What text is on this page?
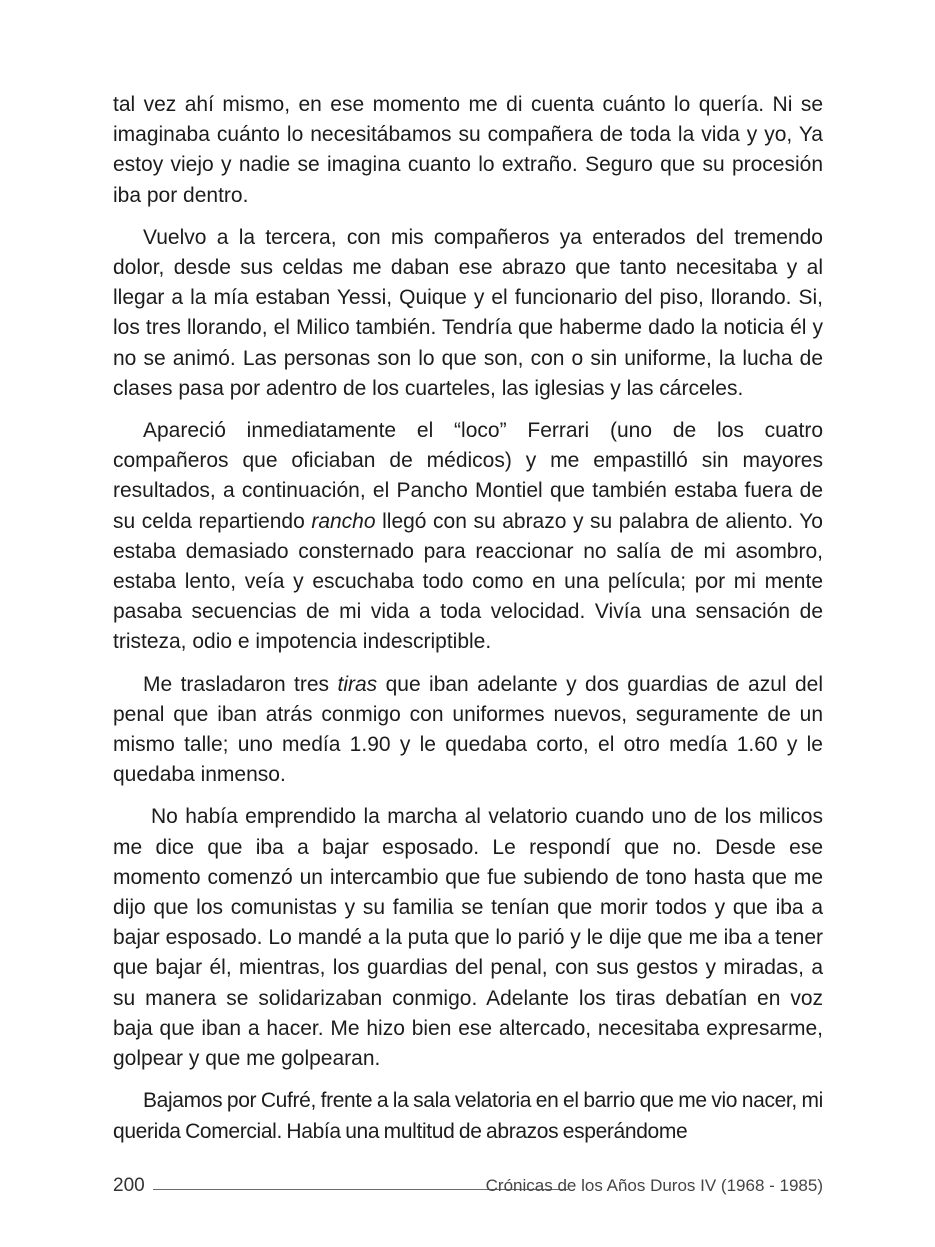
tal vez ahí mismo, en ese momento me di cuenta cuánto lo quería. Ni se imaginaba cuánto lo necesitábamos su compañera de toda la vida y yo, Ya estoy viejo y nadie se imagina cuanto lo extraño. Seguro que su procesión iba por dentro.

Vuelvo a la tercera, con mis compañeros ya enterados del tremendo dolor, desde sus celdas me daban ese abrazo que tanto necesitaba y al llegar a la mía estaban Yessi, Quique y el funcionario del piso, llorando. Si, los tres llorando, el Milico también. Tendría que haberme dado la noticia él y no se animó. Las personas son lo que son, con o sin uniforme, la lucha de clases pasa por adentro de los cuarteles, las iglesias y las cárceles.

Apareció inmediatamente el “loco” Ferrari (uno de los cuatro compañeros que oficiaban de médicos) y me empastilló sin mayores resultados, a continuación, el Pancho Montiel que también estaba fuera de su celda repartiendo rancho llegó con su abrazo y su palabra de aliento. Yo estaba demasiado consternado para reaccionar no salía de mi asombro, estaba lento, veía y escuchaba todo como en una película; por mi mente pasaba secuencias de mi vida a toda velocidad. Vivía una sensación de tristeza, odio e impotencia indescriptible.

Me trasladaron tres tiras que iban adelante y dos guardias de azul del penal que iban atrás conmigo con uniformes nuevos, seguramente de un mismo talle; uno medía 1.90 y le quedaba corto, el otro medía 1.60 y le quedaba inmenso.

No había emprendido la marcha al velatorio cuando uno de los milicos me dice que iba a bajar esposado. Le respondí que no. Desde ese momento comenzó un intercambio que fue subiendo de tono hasta que me dijo que los comunistas y su familia se tenían que morir todos y que iba a bajar esposado. Lo mandé a la puta que lo parió y le dije que me iba a tener que bajar él, mientras, los guardias del penal, con sus gestos y miradas, a su manera se solidarizaban conmigo. Adelante los tiras debatían en voz baja que iban a hacer. Me hizo bien ese altercado, necesitaba expresarme, golpear y que me golpearan.

Bajamos por Cufré, frente a la sala velatoria en el barrio que me vio nacer, mi querida Comercial. Había una multitud de abrazos esperándome

200	Crónicas de los Años Duros IV (1968 - 1985)
